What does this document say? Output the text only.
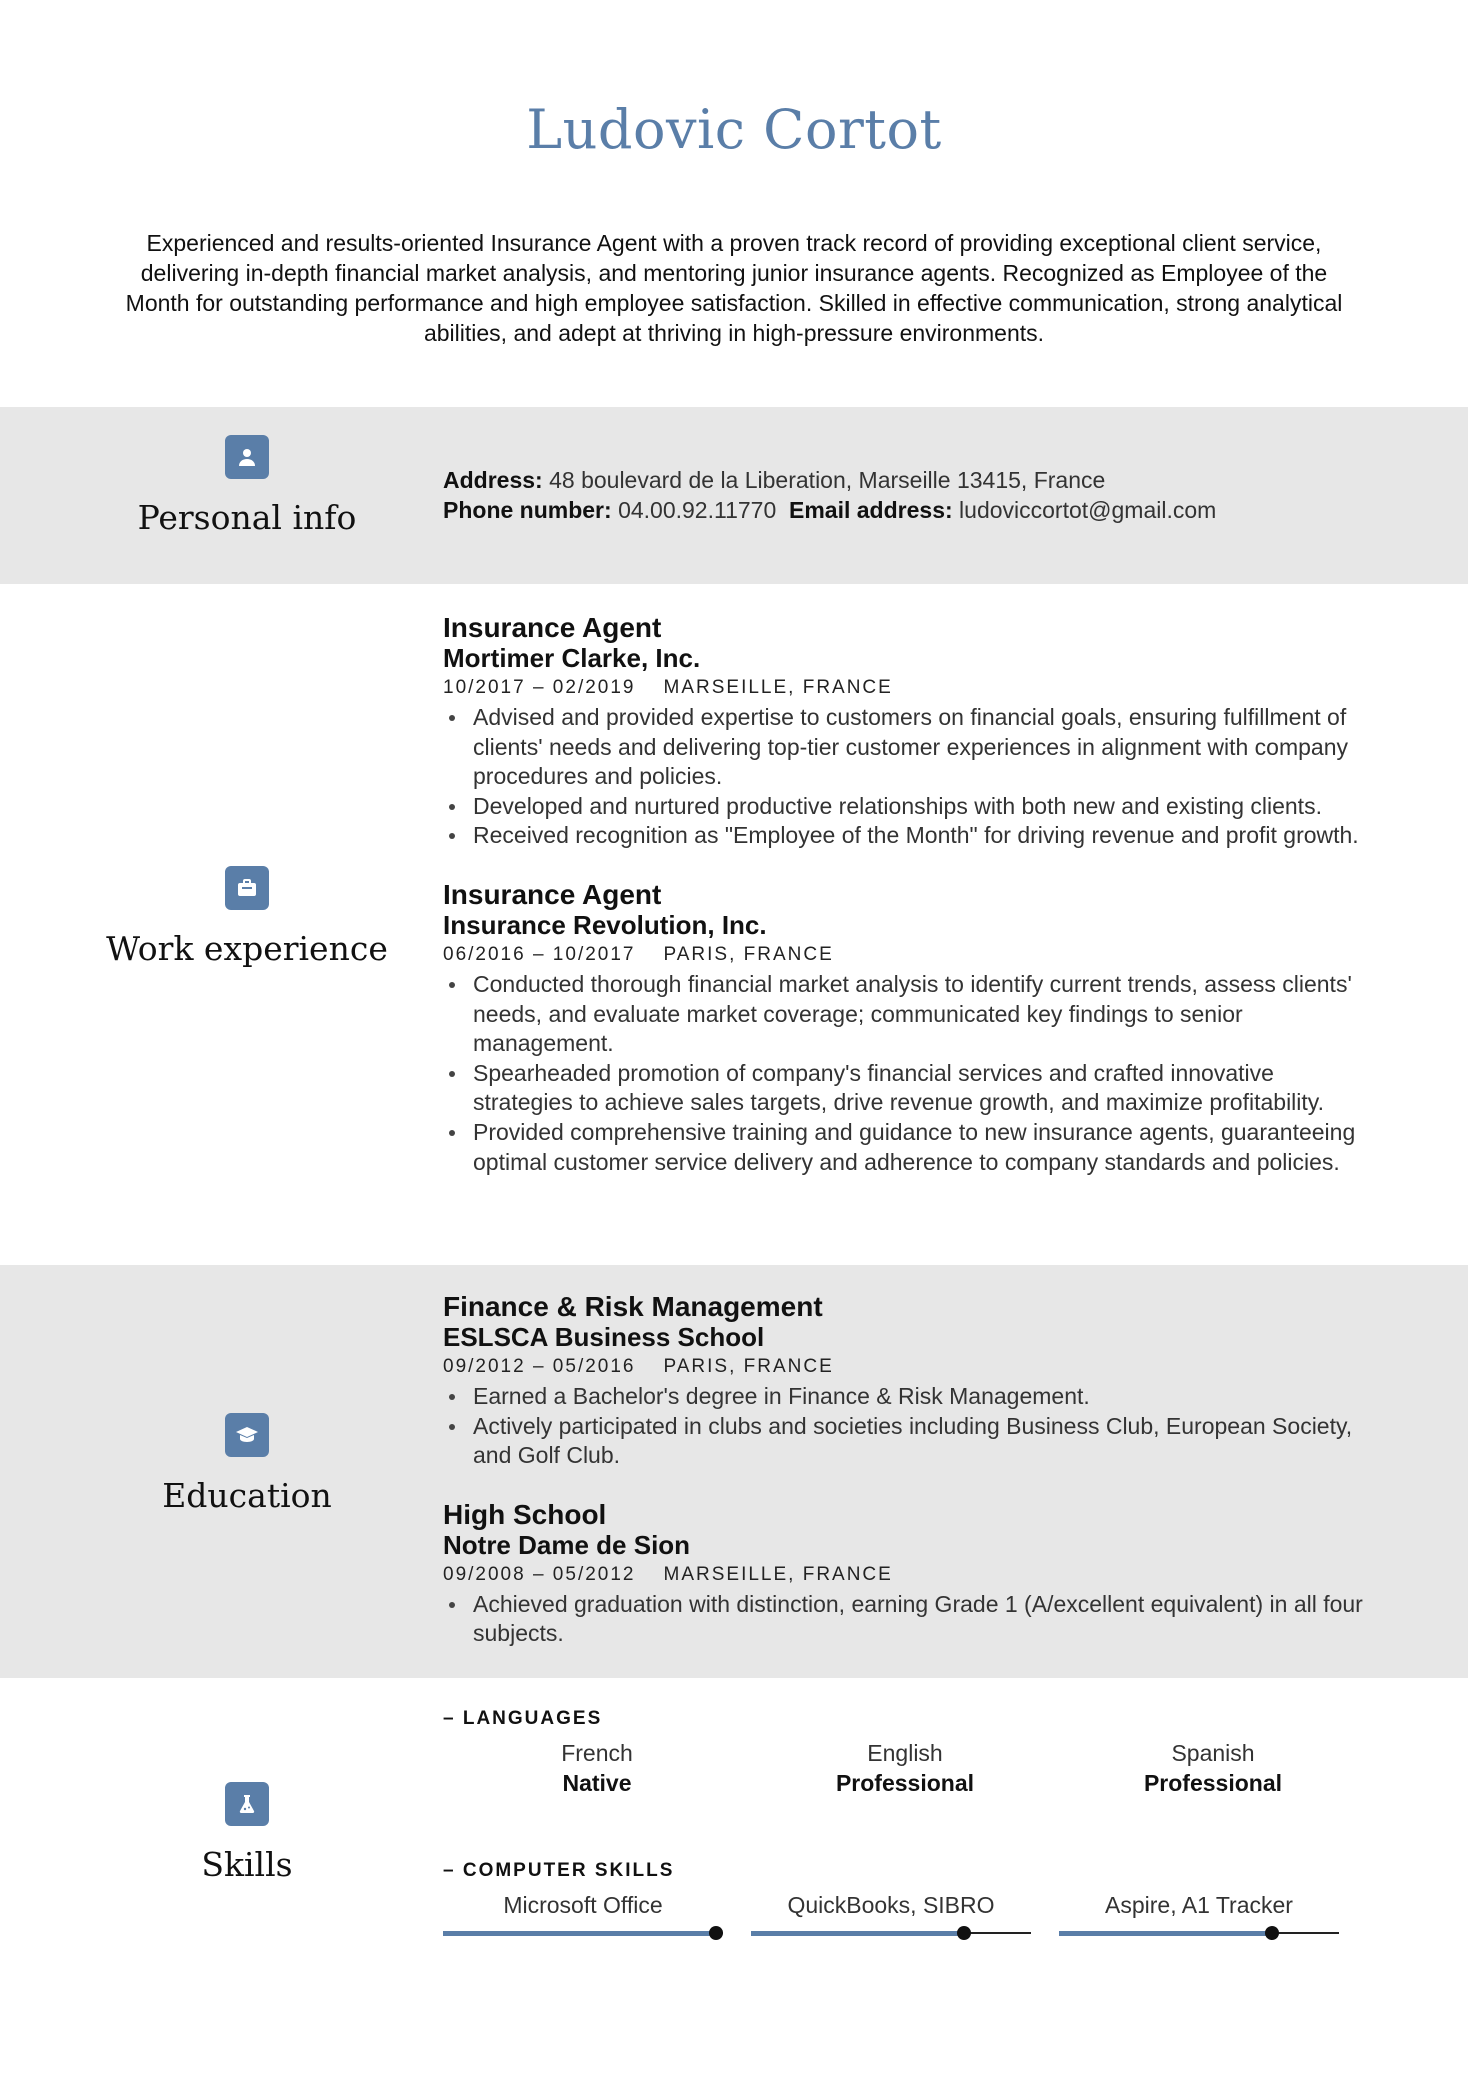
Ludovic Cortot
Experienced and results-oriented Insurance Agent with a proven track record of providing exceptional client service, delivering in-depth financial market analysis, and mentoring junior insurance agents. Recognized as Employee of the Month for outstanding performance and high employee satisfaction. Skilled in effective communication, strong analytical abilities, and adept at thriving in high-pressure environments.
Personal info
Address: 48 boulevard de la Liberation, Marseille 13415, France
Phone number: 04.00.92.11770 Email address: ludoviccortot@gmail.com
Work experience
Insurance Agent
Mortimer Clarke, Inc.
10/2017 – 02/2019 MARSEILLE, FRANCE
Advised and provided expertise to customers on financial goals, ensuring fulfillment of clients' needs and delivering top-tier customer experiences in alignment with company procedures and policies.
Developed and nurtured productive relationships with both new and existing clients.
Received recognition as "Employee of the Month" for driving revenue and profit growth.
Insurance Agent
Insurance Revolution, Inc.
06/2016 – 10/2017 PARIS, FRANCE
Conducted thorough financial market analysis to identify current trends, assess clients' needs, and evaluate market coverage; communicated key findings to senior management.
Spearheaded promotion of company's financial services and crafted innovative strategies to achieve sales targets, drive revenue growth, and maximize profitability.
Provided comprehensive training and guidance to new insurance agents, guaranteeing optimal customer service delivery and adherence to company standards and policies.
Education
Finance & Risk Management
ESLSCA Business School
09/2012 – 05/2016 PARIS, FRANCE
Earned a Bachelor's degree in Finance & Risk Management.
Actively participated in clubs and societies including Business Club, European Society, and Golf Club.
High School
Notre Dame de Sion
09/2008 – 05/2012 MARSEILLE, FRANCE
Achieved graduation with distinction, earning Grade 1 (A/excellent equivalent) in all four subjects.
Skills
– LANGUAGES
French
Native
English
Professional
Spanish
Professional
– COMPUTER SKILLS
Microsoft Office	QuickBooks, SIBRO	Aspire, A1 Tracker
